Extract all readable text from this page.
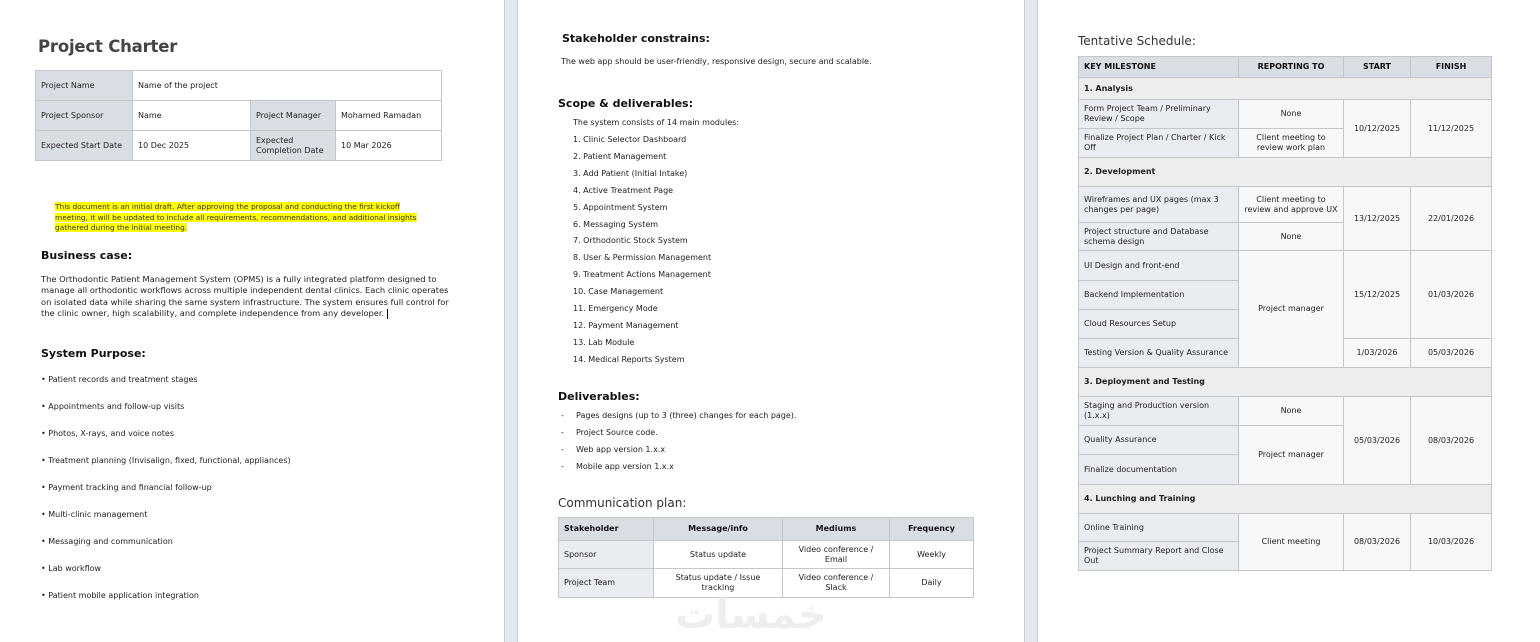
Project Charter
Project Name	Name of the project		
Project Sponsor	Name	Project Manager	Mohamed Ramadan
Expected Start Date	10 Dec 2025	Expected Completion Date	10 Mar 2026
This document is an initial draft. After approving the proposal and conducting the first kickoff meeting, it will be updated to include all requirements, recommendations, and additional insights gathered during the initial meeting.
Business case:
The Orthodontic Patient Management System (OPMS) is a fully integrated platform designed to manage all orthodontic workflows across multiple independent dental clinics. Each clinic operates on isolated data while sharing the same system infrastructure. The system ensures full control for the clinic owner, high scalability, and complete independence from any developer.
System Purpose:
• Patient records and treatment stages
• Appointments and follow-up visits
• Photos, X-rays, and voice notes
• Treatment planning (Invisalign, fixed, functional, appliances)
• Payment tracking and financial follow-up
• Multi-clinic management
• Messaging and communication
• Lab workflow
• Patient mobile application integration
Stakeholder constrains:
The web app should be user-friendly, responsive design, secure and scalable.
Scope & deliverables:
The system consists of 14 main modules:
1. Clinic Selector Dashboard
2. Patient Management
3. Add Patient (Initial Intake)
4. Active Treatment Page
5. Appointment System
6. Messaging System
7. Orthodontic Stock System
8. User & Permission Management
9. Treatment Actions Management
10. Case Management
11. Emergency Mode
12. Payment Management
13. Lab Module
14. Medical Reports System
Deliverables:
- Pages designs (up to 3 (three) changes for each page).
- Project Source code.
- Web app version 1.x.x
- Mobile app version 1.x.x
Communication plan:
Stakeholder	Message/info	Mediums	Frequency
Sponsor	Status update	Video conference / Email	Weekly
Project Team	Status update / Issue tracking	Video conference / Slack	Daily
خمسات
Tentative Schedule:
KEY MILESTONE	REPORTING TO	START	FINISH
1. Analysis			
Form Project Team / Preliminary Review / Scope	None	10/12/2025	11/12/2025
Finalize Project Plan / Charter / Kick Off	Client meeting to review work plan		
2. Development			
Wireframes and UX pages (max 3 changes per page)	Client meeting to review and approve UX	13/12/2025	22/01/2026
Project structure and Database schema design	None		
UI Design and front-end	Project manager	15/12/2025	01/03/2026
Backend Implementation			
Cloud Resources Setup			
Testing Version & Quality Assurance		1/03/2026	05/03/2026
3. Deployment and Testing			
Staging and Production version (1.x.x)	None	05/03/2026	08/03/2026
Quality Assurance	Project manager		
Finalize documentation			
4. Lunching and Training			
Online Training	Client meeting	08/03/2026	10/03/2026
Project Summary Report and Close Out			
